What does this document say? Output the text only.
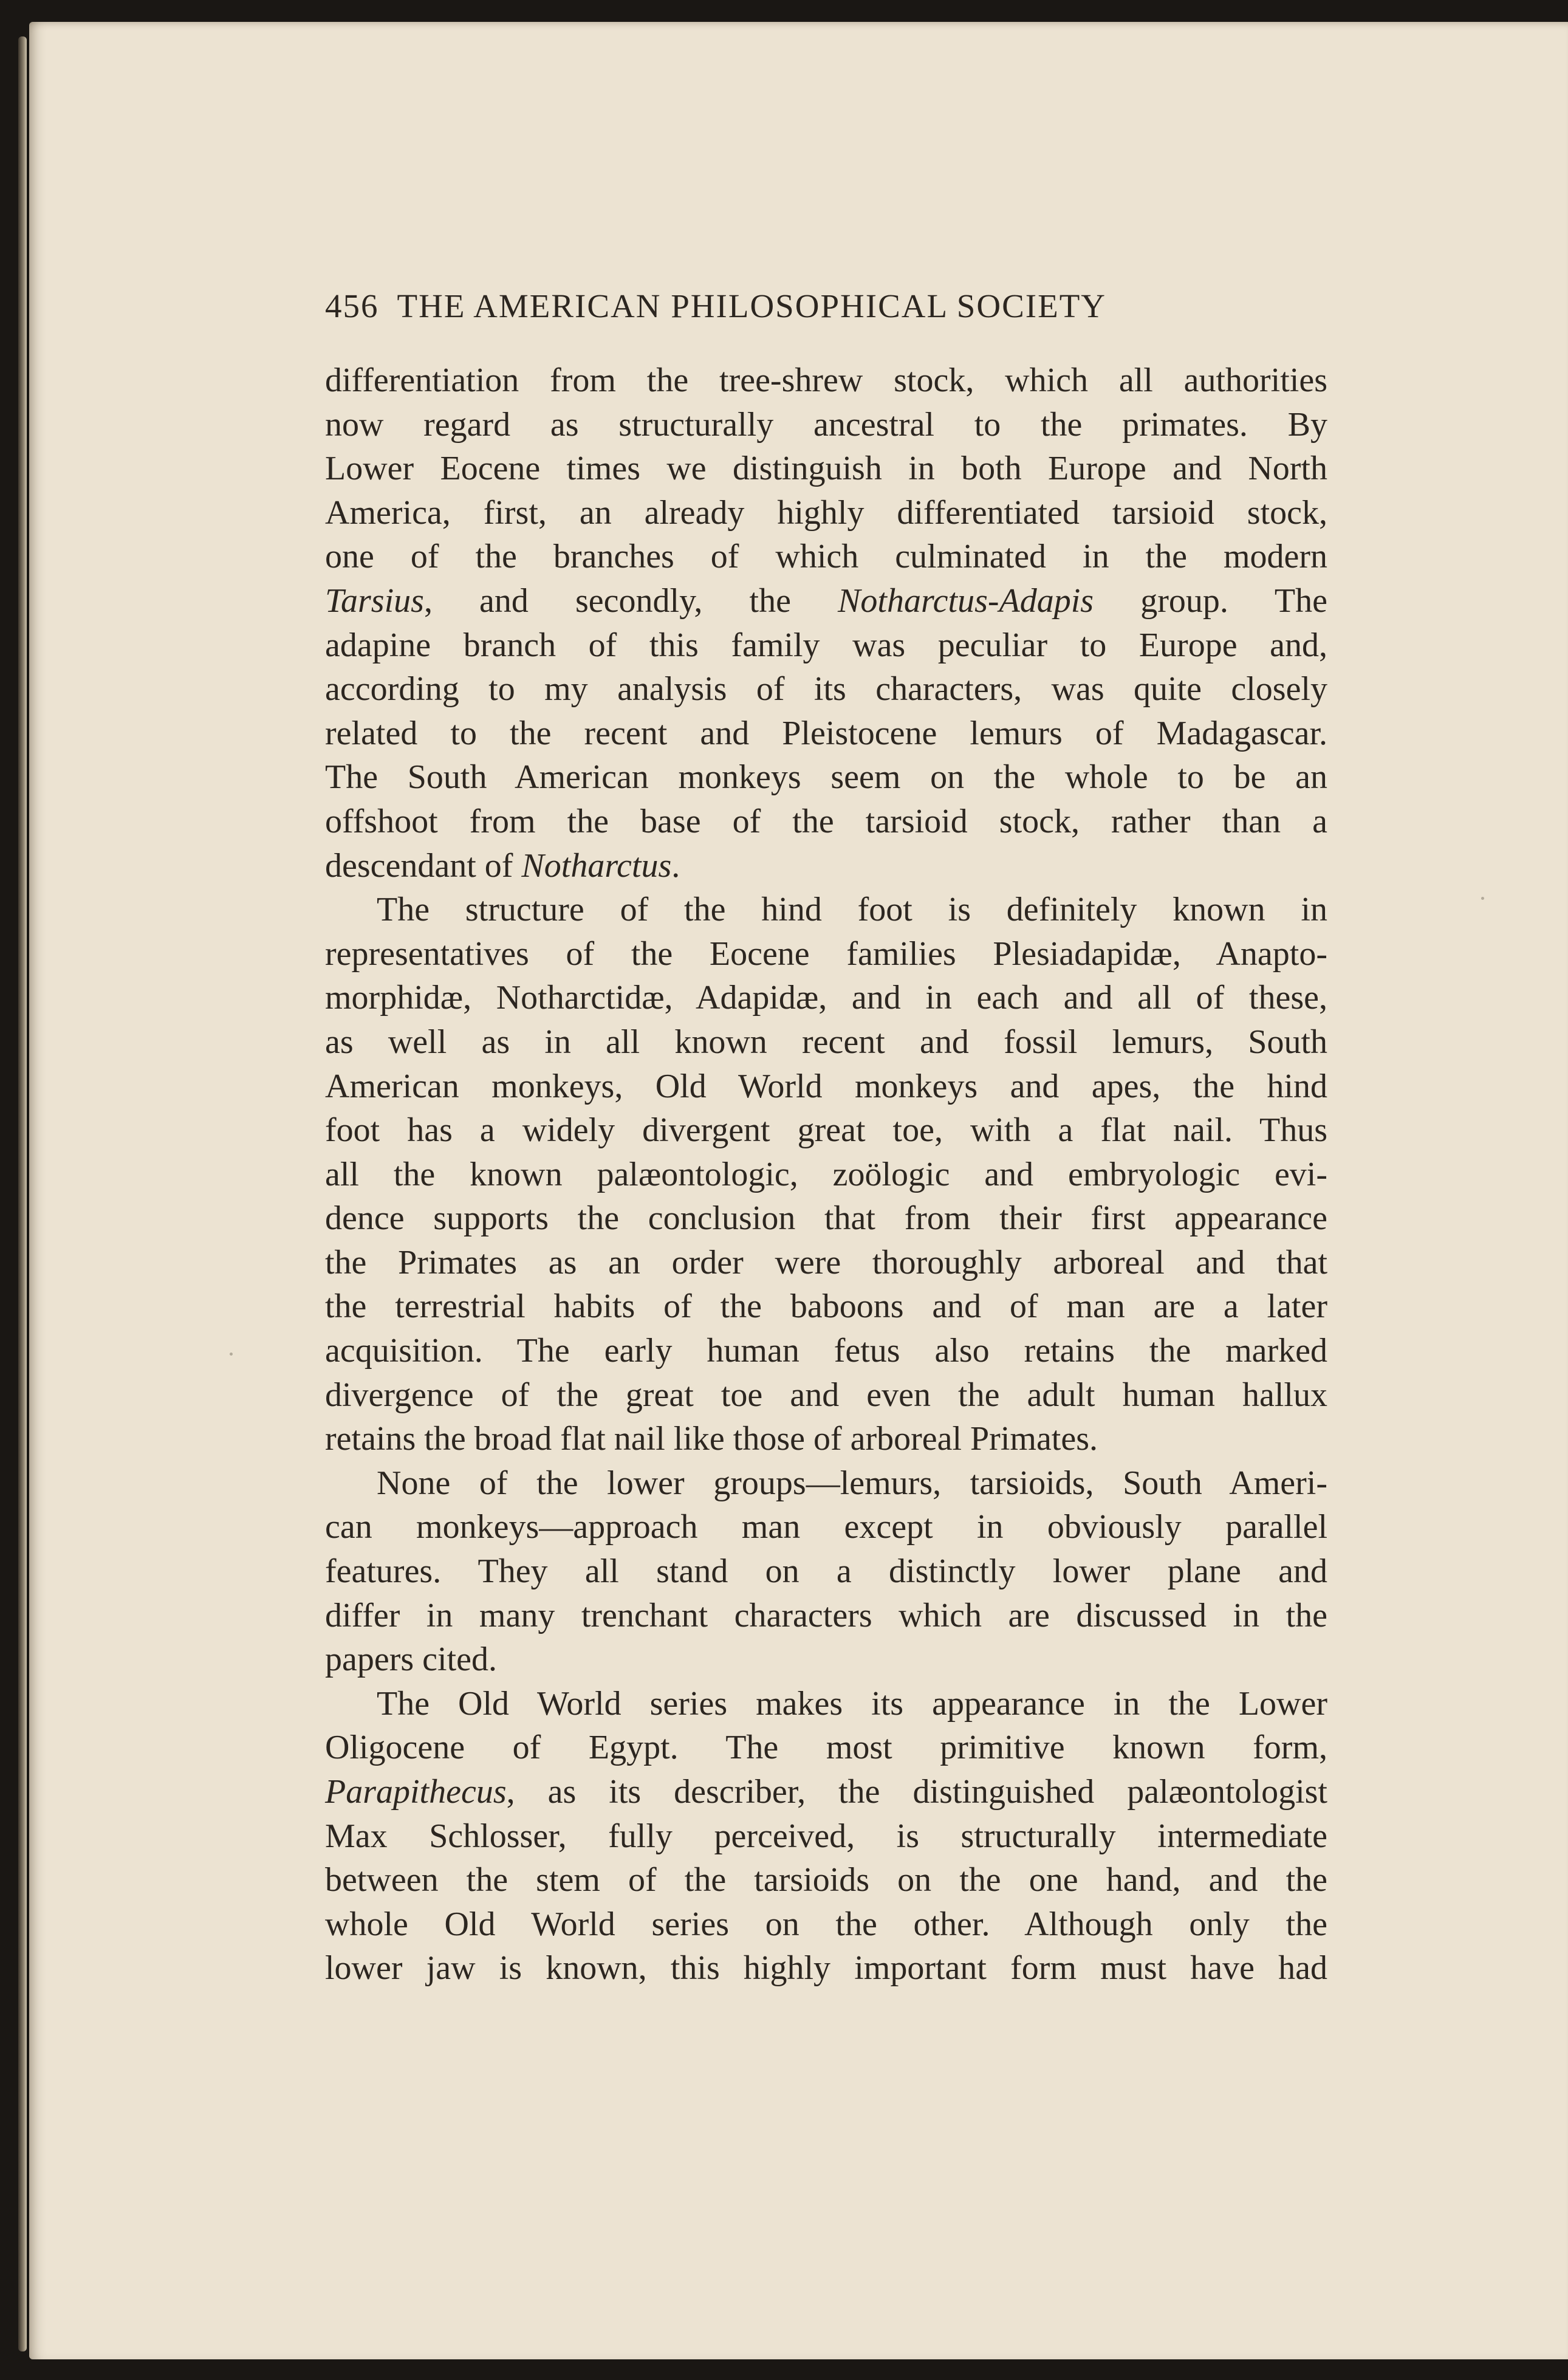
456 THE AMERICAN PHILOSOPHICAL SOCIETY
differentiation from the tree-shrew stock, which all authorities
now regard as structurally ancestral to the primates. By
Lower Eocene times we distinguish in both Europe and North
America, first, an already highly differentiated tarsioid stock,
one of the branches of which culminated in the modern
Tarsius, and secondly, the Notharctus-Adapis group. The
adapine branch of this family was peculiar to Europe and,
according to my analysis of its characters, was quite closely
related to the recent and Pleistocene lemurs of Madagascar.
The South American monkeys seem on the whole to be an
offshoot from the base of the tarsioid stock, rather than a
descendant of Notharctus.
The structure of the hind foot is definitely known in
representatives of the Eocene families Plesiadapidæ, Anapto-
morphidæ, Notharctidæ, Adapidæ, and in each and all of these,
as well as in all known recent and fossil lemurs, South
American monkeys, Old World monkeys and apes, the hind
foot has a widely divergent great toe, with a flat nail. Thus
all the known palæontologic, zoölogic and embryologic evi-
dence supports the conclusion that from their first appearance
the Primates as an order were thoroughly arboreal and that
the terrestrial habits of the baboons and of man are a later
acquisition. The early human fetus also retains the marked
divergence of the great toe and even the adult human hallux
retains the broad flat nail like those of arboreal Primates.
None of the lower groups—lemurs, tarsioids, South Ameri-
can monkeys—approach man except in obviously parallel
features. They all stand on a distinctly lower plane and
differ in many trenchant characters which are discussed in the
papers cited.
The Old World series makes its appearance in the Lower
Oligocene of Egypt. The most primitive known form,
Parapithecus, as its describer, the distinguished palæontologist
Max Schlosser, fully perceived, is structurally intermediate
between the stem of the tarsioids on the one hand, and the
whole Old World series on the other. Although only the
lower jaw is known, this highly important form must have had
